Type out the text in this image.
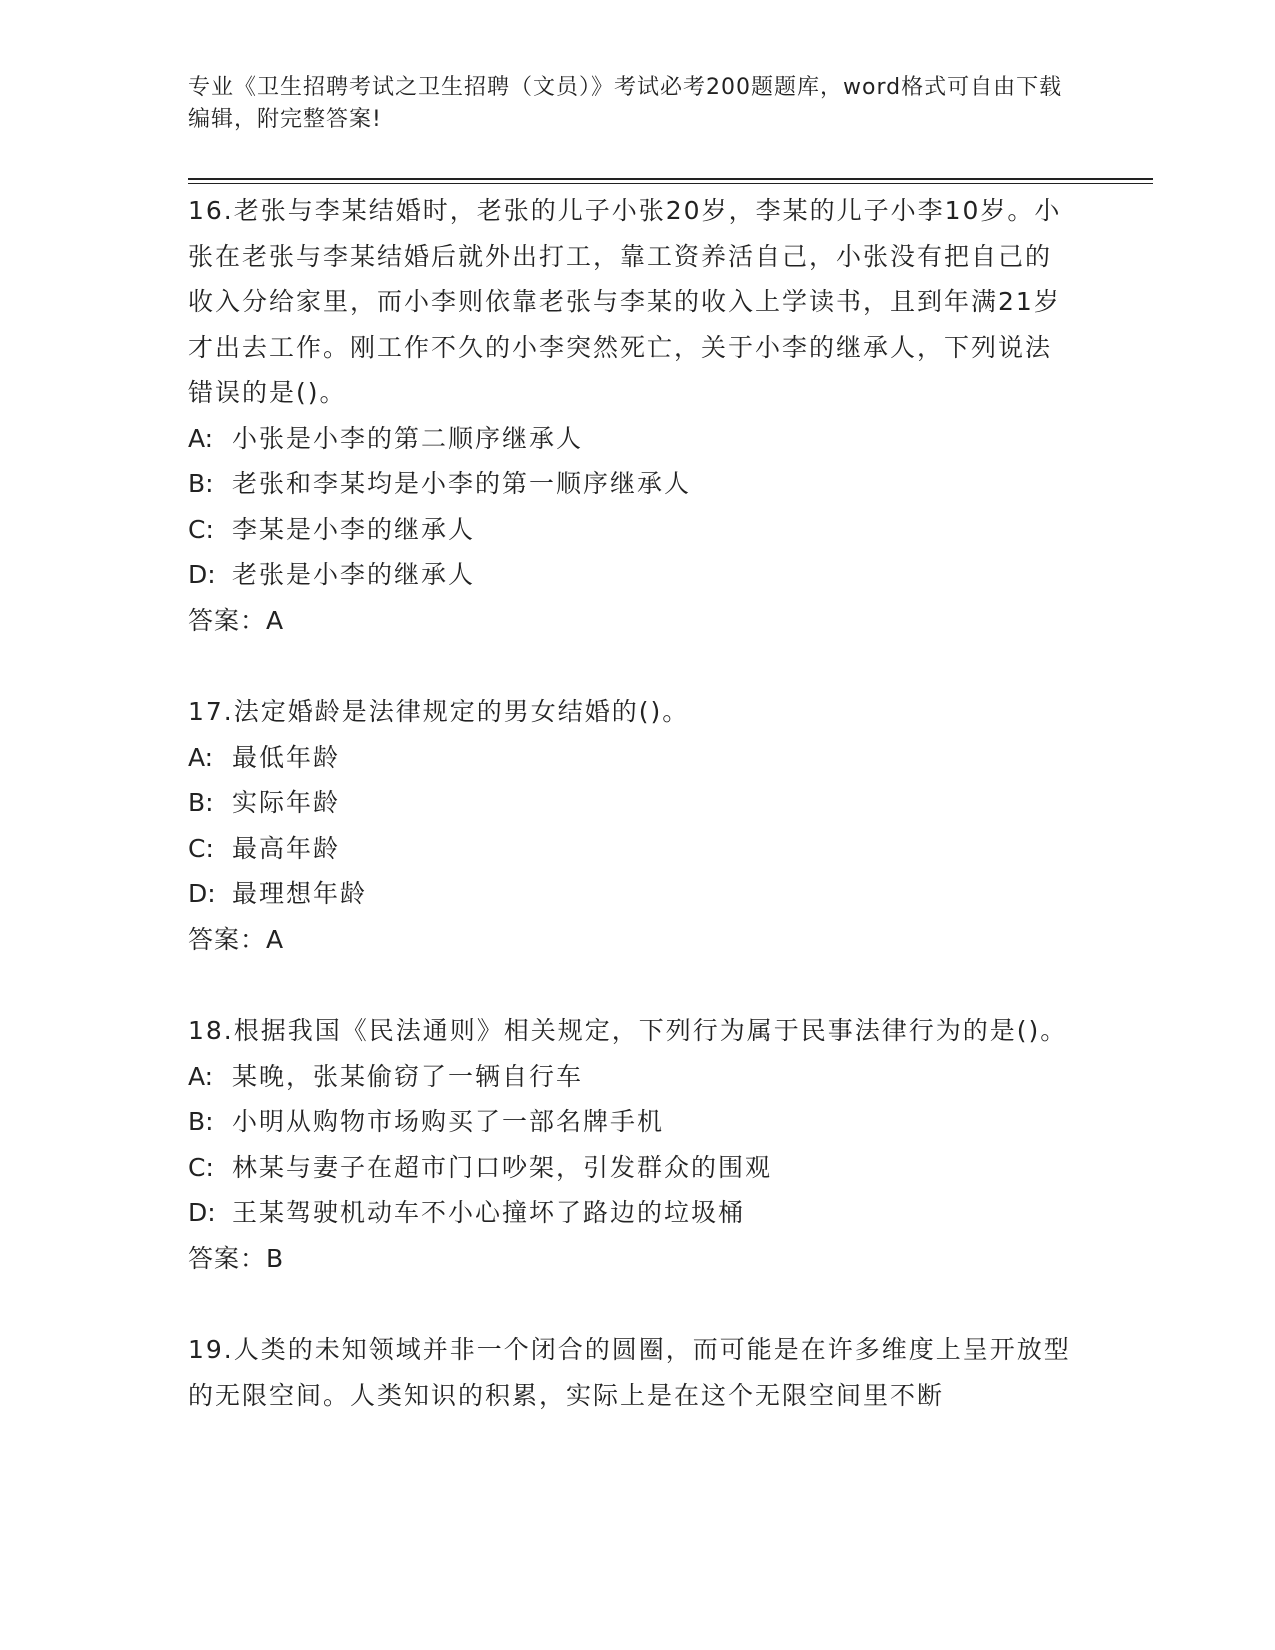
专业《卫生招聘考试之卫生招聘（文员）》考试必考200题题库，word格式可自由下载编辑，附完整答案!
16.老张与李某结婚时，老张的儿子小张20岁，李某的儿子小李10岁。小张在老张与李某结婚后就外出打工，靠工资养活自己，小张没有把自己的收入分给家里，而小李则依靠老张与李某的收入上学读书，且到年满21岁才出去工作。刚工作不久的小李突然死亡，关于小李的继承人，下列说法错误的是()。
A: 小张是小李的第二顺序继承人
B: 老张和李某均是小李的第一顺序继承人
C: 李某是小李的继承人
D: 老张是小李的继承人
答案：A
17.法定婚龄是法律规定的男女结婚的()。
A: 最低年龄
B: 实际年龄
C: 最高年龄
D: 最理想年龄
答案：A
18.根据我国《民法通则》相关规定，下列行为属于民事法律行为的是()。
A: 某晚，张某偷窃了一辆自行车
B: 小明从购物市场购买了一部名牌手机
C: 林某与妻子在超市门口吵架，引发群众的围观
D: 王某驾驶机动车不小心撞坏了路边的垃圾桶
答案：B
19.人类的未知领域并非一个闭合的圆圈，而可能是在许多维度上呈开放型的无限空间。人类知识的积累，实际上是在这个无限空间里不断
